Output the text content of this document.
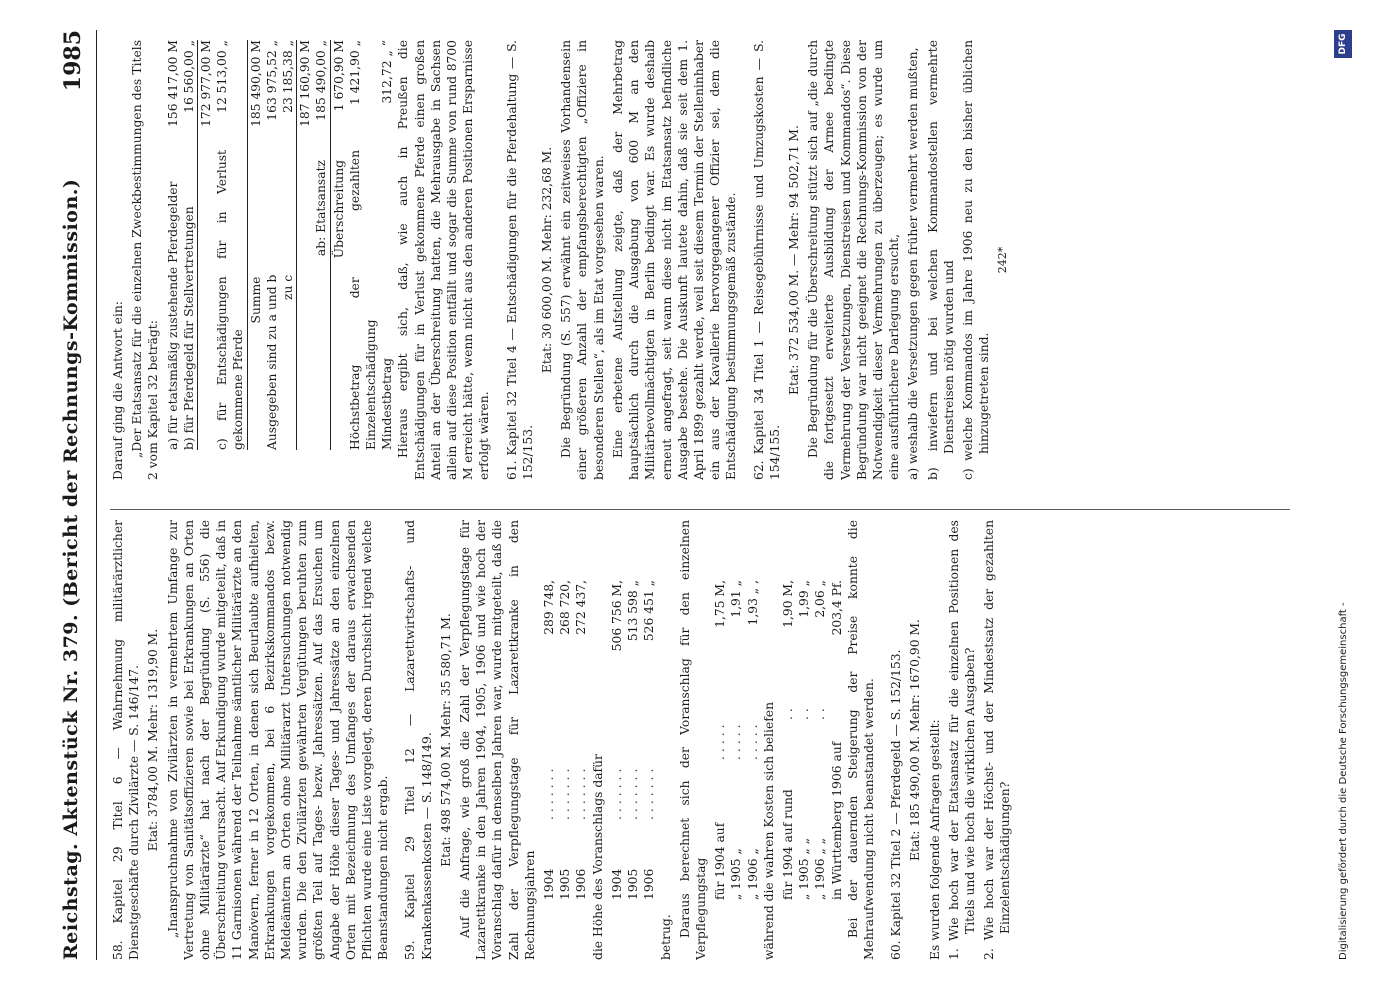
Reichstag. Aktenstück Nr. 379. (Bericht der Rechnungs-Kommission.)
1985

58. Kapitel 29 Titel 6 — Wahrnehmung militärärztlicher Dienstgeschäfte durch Zivilärzte — S. 146/147. Etat: 3784,00 M. Mehr: 1319,90 M. „Inanspruchnahme von Zivilärzten in vermehrtem Umfange zur Vertretung von Sanitätsoffizieren sowie bei Erkrankungen an Orten ohne Militärärzte“ hat nach der Begründung (S. 556) die Überschreitung verursacht. Auf Erkundigung wurde mitgeteilt, daß in 11 Garnisonen während der Teilnahme sämtlicher Militärärzte an den Manövern, ferner in 12 Orten, in denen sich Beurlaubte aufhielten, Erkrankungen vorgekommen, bei 6 Bezirkskommandos bezw. Meldeämtern an Orten ohne Militärarzt Untersuchungen notwendig wurden. Die den Zivilärzten gewährten Vergütungen beruhten zum größten Teil auf Tages- bezw. Jahressätzen. Auf das Ersuchen um Angabe der Höhe dieser Tages- und Jahressätze an den einzelnen Orten mit Bezeichnung des Umfanges der daraus erwachsenden Pflichten wurde eine Liste vorgelegt, deren Durchsicht irgend welche Beanstandungen nicht ergab. 59. Kapitel 29 Titel 12 — Lazarettwirtschafts- und Krankenkassenkosten — S. 148/149. Etat: 498 574,00 M. Mehr: 35 580,71 M. Auf die Anfrage, wie groß die Zahl der Verpflegungstage für Lazarettkranke in den Jahren 1904, 1905, 1906 und wie hoch der Voranschlag dafür in denselben Jahren war, wurde mitgeteilt, daß die Zahl der Verpflegungstage für Lazarettkranke in den Rechnungsjahren 1904
.......
289 748,
1905
.......
268 720,
1906
.......
272 437,

die Höhe des Voranschlags dafür 1904
.......
506 756 M,
1905
.......
513 598 „
1906
.......
526 451 „

betrug. Daraus berechnet sich der Voranschlag für den einzelnen Verpflegungstag für 1904 auf
.....
1,75 M,
„ 1905 „
.....
1,91 „
„ 1906 „
.....
1,93 „ ,

während die wahren Kosten sich beliefen für 1904 auf rund
..
1,90 M,
„ 1905 „ „
..
1,99 „
„ 1906 „ „
..
2,06 „
in Württemberg 1906 auf
203,4 Pf. Bei der dauernden Steigerung der Preise konnte die Mehraufwendung nicht beanstandet werden. 60. Kapitel 32 Titel 2 — Pferdegeld — S. 152/153. Etat: 185 490,00 M. Mehr: 1670,90 M. Es wurden folgende Anfragen gestellt: 1. Wie hoch war der Etatsansatz für die einzelnen Positionen des Titels und wie hoch die wirklichen Ausgaben? 2. Wie hoch war der Höchst- und der Mindestsatz der gezahlten Einzelentschädigungen?

Darauf ging die Antwort ein: „Der Etatsansatz für die einzelnen Zweckbestimmungen des Titels 2 vom Kapitel 32 beträgt: a) für etatsmäßig zustehende Pferdegelder
156 417,00 M
b) für Pferdegeld für Stellvertretungen
16 560,00 „ 172 977,00 M
c) für Entschädigungen für in Verlust gekommene Pferde
12 513,00 „
Summe
185 490,00 M
Ausgegeben sind zu a und b
163 975,52 „
zu c
23 185,38 „ 187 160,90 M
ab: Etatsansatz
185 490,00 „
Überschreitung
1 670,90 M
Höchstbetrag der gezahlten Einzelentschädigung
1 421,90 „
Mindestbetrag
312,72 „ “ Hieraus ergibt sich, daß, wie auch in Preußen die Entschädigungen für in Verlust gekommene Pferde einen großen Anteil an der Überschreitung hatten, die Mehrausgabe in Sachsen allein auf diese Position entfällt und sogar die Summe von rund 8700 M erreicht hätte, wenn nicht aus den anderen Positionen Ersparnisse erfolgt wären. 61. Kapitel 32 Titel 4 — Entschädigungen für die Pferdehaltung — S. 152/153.

Etat: 30 600,00 M. Mehr: 232,68 M. Die Begründung (S. 557) erwähnt ein zeitweises Vorhandensein einer größeren Anzahl der empfangsberechtigten „Offiziere in besonderen Stellen“, als im Etat vorgesehen waren. Eine erbetene Aufstellung zeigte, daß der Mehrbetrag hauptsächlich durch die Ausgabung von 600 M an den Militärbevollmächtigten in Berlin bedingt war. Es wurde deshalb erneut angefragt, seit wann diese nicht im Etatsansatz befindliche Ausgabe bestehe. Die Auskunft lautete dahin, daß sie seit dem 1. April 1899 gezahlt werde, weil seit diesem Termin der Stelleninhaber ein aus der Kavallerie hervorgegangener Offizier sei, dem die Entschädigung bestimmungsgemäß zustände. 62. Kapitel 34 Titel 1 — Reisegebührnisse und Umzugskosten — S. 154/155.

Etat: 372 534,00 M. — Mehr: 94 502,71 M. Die Begründung für die Überschreitung stützt sich auf „die durch die fortgesetzt erweiterte Ausbildung der Armee bedingte Vermehrung der Versetzungen, Dienstreisen und Kommandos“. Diese Begründung war nicht geeignet die Rechnungs-Kommission von der Notwendigkeit dieser Vermehrungen zu überzeugen; es wurde um eine ausführlichere Darlegung ersucht, a) weshalb die Versetzungen gegen früher vermehrt werden mußten, b) inwiefern und bei welchen Kommandostellen vermehrte Dienstreisen nötig wurden und c) welche Kommandos im Jahre 1906 neu zu den bisher üblichen hinzugetreten sind.

242*

Digitalisierung gefördert durch die Deutsche Forschungsgemeinschaft -
DFG
